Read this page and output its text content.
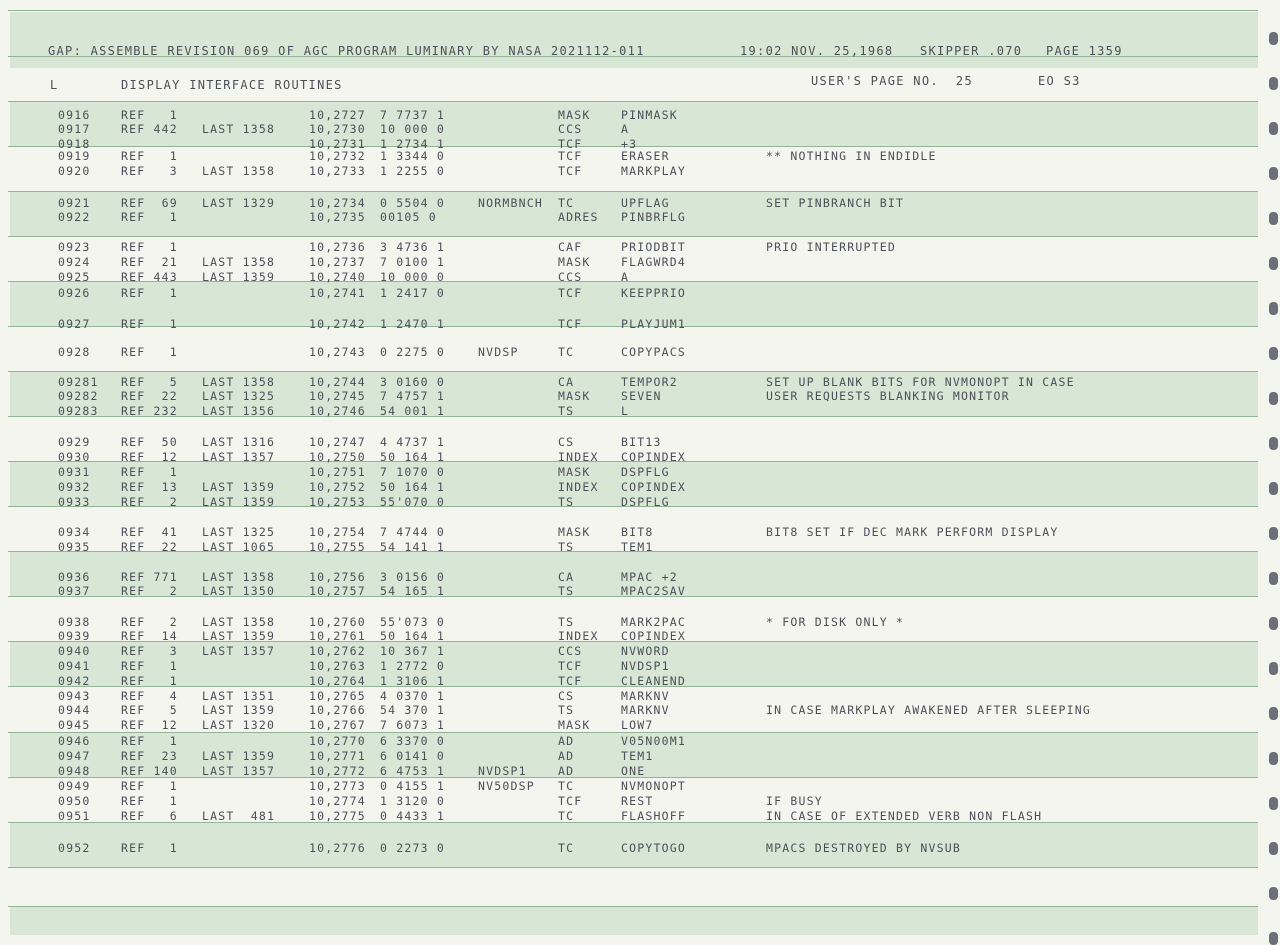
GAP: ASSEMBLE REVISION 069 OF AGC PROGRAM LUMINARY BY NASA 2021112-011	19:02 NOV. 25,1968 SKIPPER .070 PAGE 1359
L	DISPLAY INTERFACE ROUTINES	USER'S PAGE NO.  25	EO S3
0916	REF   1	10,2727 7 7737 1	MASK	PINMASK
0917	REF 442 LAST 1358	10,2730 10 000 0	CCS	A
0918	10,2731 1 2734 1	TCF	+3
0919	REF   1	10,2732 1 3344 0	TCF	ERASER	** NOTHING IN ENDIDLE
0920	REF   3 LAST 1358	10,2733 1 2255 0	TCF	MARKPLAY
0921	REF  69 LAST 1329	10,2734 0 5504 0	NORMBNCH TC	UPFLAG	SET PINBRANCH BIT
0922	REF   1	10,2735 00105 0	ADRES PINBRFLG
0923	REF   1	10,2736 3 4736 1	CAF	PRIODBIT	PRIO INTERRUPTED
0924	REF  21 LAST 1358	10,2737 7 0100 1	MASK	FLAGWRD4
0925	REF 443 LAST 1359	10,2740 10 000 0	CCS	A
0926	REF   1	10,2741 1 2417 0	TCF	KEEPPRIO
0927	REF   1	10,2742 1 2470 1	TCF	PLAYJUM1
0928	REF   1	10,2743 0 2275 0	NVDSP	TC	COPYPACS
09281 REF   5 LAST 1358	10,2744 3 0160 0	CA	TEMPOR2	SET UP BLANK BITS FOR NVMONOPT IN CASE
09282 REF  22 LAST 1325	10,2745 7 4757 1	MASK	SEVEN	USER REQUESTS BLANKING MONITOR
09283 REF 232 LAST 1356	10,2746 54 001 1	TS	L
0929	REF  50 LAST 1316	10,2747 4 4737 1	CS	BIT13
0930	REF  12 LAST 1357	10,2750 50 164 1	INDEX COPINDEX
0931	REF   1	10,2751 7 1070 0	MASK	DSPFLG
0932	REF  13 LAST 1359	10,2752 50 164 1	INDEX COPINDEX
0933	REF   2 LAST 1359	10,2753 55'070 0	TS	DSPFLG
0934	REF  41 LAST 1325	10,2754 7 4744 0	MASK	BIT8	BIT8 SET IF DEC MARK PERFORM DISPLAY
0935	REF  22 LAST 1065	10,2755 54 141 1	TS	TEM1
0936	REF 771 LAST 1358	10,2756 3 0156 0	CA	MPAC +2
0937	REF   2 LAST 1350	10,2757 54 165 1	TS	MPAC2SAV
0938	REF   2 LAST 1358	10,2760 55'073 0	TS	MARK2PAC	* FOR DISK ONLY *
0939	REF  14 LAST 1359	10,2761 50 164 1	INDEX COPINDEX
0940	REF   3 LAST 1357	10,2762 10 367 1	CCS	NVWORD
0941	REF   1	10,2763 1 2772 0	TCF	NVDSP1
0942	REF   1	10,2764 1 3106 1	TCF	CLEANEND
0943	REF   4 LAST 1351	10,2765 4 0370 1	CS	MARKNV
0944	REF   5 LAST 1359	10,2766 54 370 1	TS	MARKNV	IN CASE MARKPLAY AWAKENED AFTER SLEEPING
0945	REF  12 LAST 1320	10,2767 7 6073 1	MASK	LOW7
0946	REF   1	10,2770 6 3370 0	AD	V05N00M1
0947	REF  23 LAST 1359	10,2771 6 0141 0	AD	TEM1
0948	REF 140 LAST 1357	10,2772 6 4753 1	NVDSP1	AD	ONE
0949	REF   1	10,2773 0 4155 1	NV50DSP TC	NVMONOPT
0950	REF   1	10,2774 1 3120 0	TCF	REST	IF BUSY
0951	REF   6 LAST  481	10,2775 0 4433 1	TC	FLASHOFF	IN CASE OF EXTENDED VERB NON FLASH
0952	REF   1	10,2776 0 2273 0	TC	COPYTOGO	MPACS DESTROYED BY NVSUB
